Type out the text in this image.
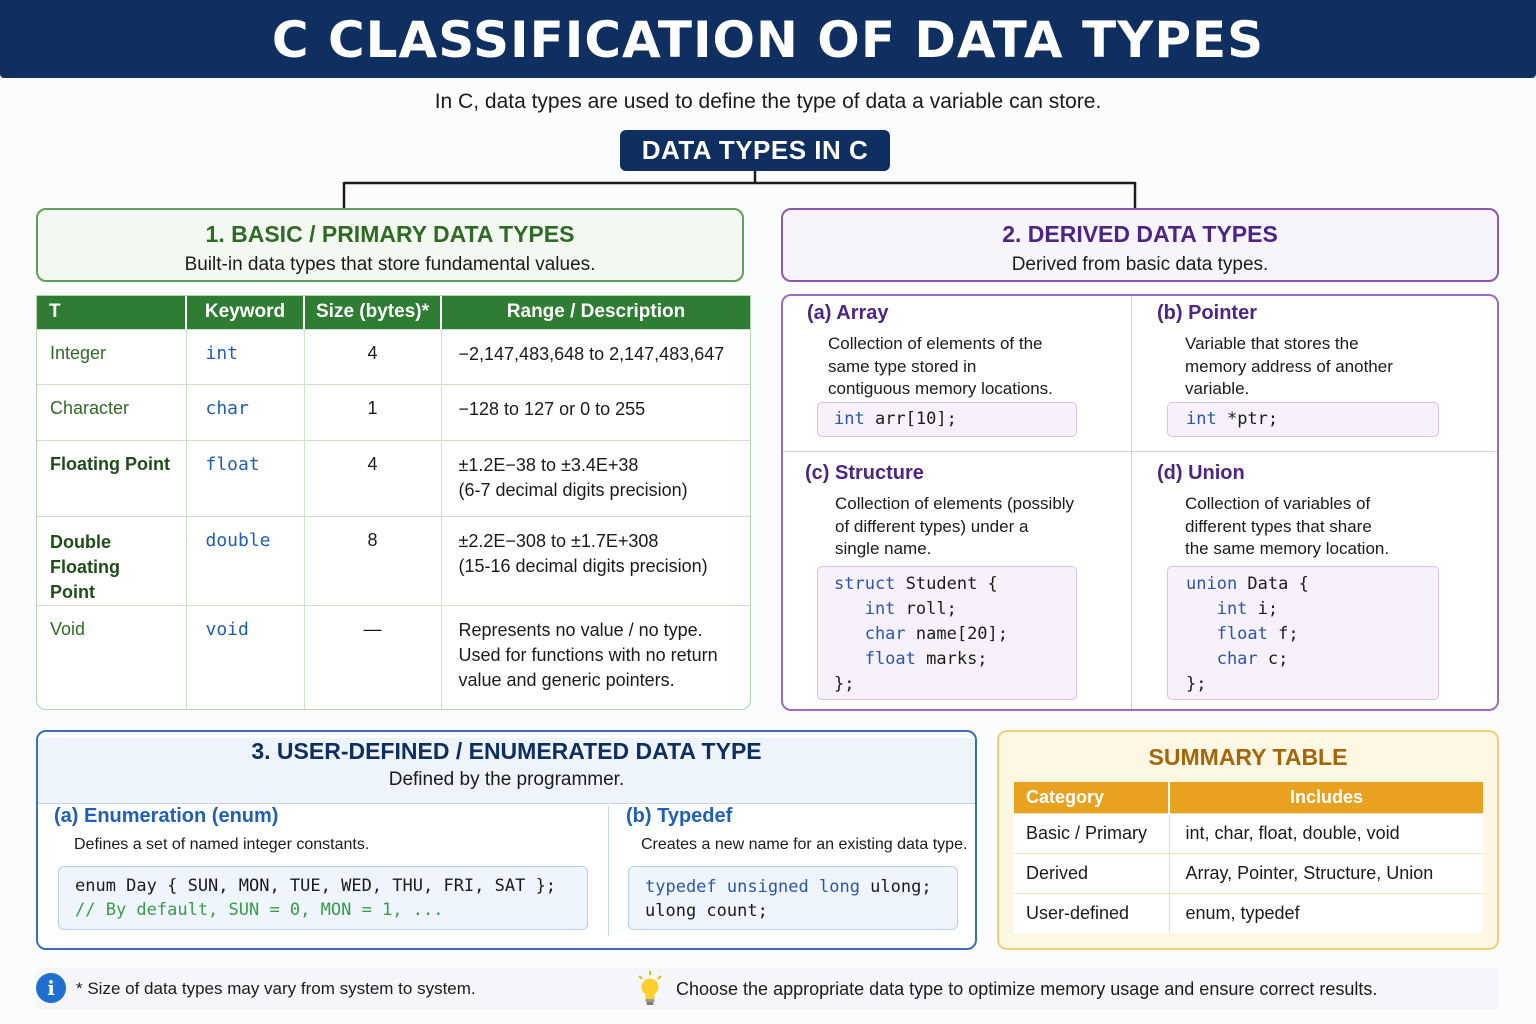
C CLASSIFICATION OF DATA TYPES
In C, data types are used to define the type of data a variable can store.
DATA TYPES IN C
1. BASIC / PRIMARY DATA TYPES
Built-in data types that store fundamental values.
T	Keyword	Size (bytes)*	Range / Description
Integer	int	4	−2,147,483,648 to 2,147,483,647

Character	char	1	−128 to 127 or 0 to 255

Floating Point	float	4	±1.2E−38 to ±3.4E+38
(6-7 decimal digits precision)

Double Floating Point	double	8	±2.2E−308 to ±1.7E+308
(15-16 decimal digits precision)

Void	void	—	Represents no value / no type.
Used for functions with no return
value and generic pointers.
2. DERIVED DATA TYPES
Derived from basic data types.
(a) Array
Collection of elements of the
same type stored in
contiguous memory locations.
int arr[10];
(b) Pointer
Variable that stores the
memory address of another
variable.
int *ptr;
(c) Structure
Collection of elements (possibly
of different types) under a
single name.
struct Student {
int roll;
char name[20];
float marks;
};
(d) Union
Collection of variables of
different types that share
the same memory location.
union Data {
int i;
float f;
char c;
};
3. USER-DEFINED / ENUMERATED DATA TYPE
Defined by the programmer.
(a) Enumeration (enum)
Defines a set of named integer constants.
enum Day { SUN, MON, TUE, WED, THU, FRI, SAT };
// By default, SUN = 0, MON = 1, ...
(b) Typedef
Creates a new name for an existing data type.
typedef unsigned long ulong;
ulong count;
SUMMARY TABLE
Category	Includes
Basic / Primary	int, char, float, double, void
Derived	Array, Pointer, Structure, Union
User-defined	enum, typedef
i	* Size of data types may vary from system to system.	Choose the appropriate data type to optimize memory usage and ensure correct results.
